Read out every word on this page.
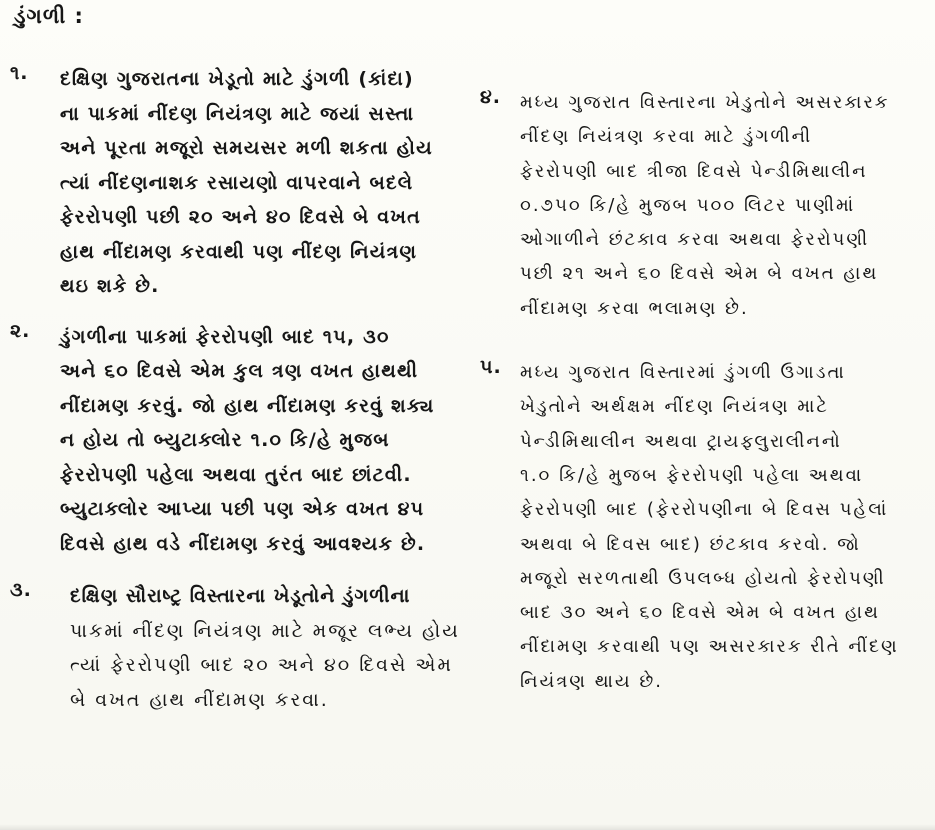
ડુંગળી :
૧. દક્ષિણ ગુજરાતના ખેડૂતો માટે ડુંગળી (કાંદા)
ના પાકમાં નીંદણ નિયંત્રણ માટે જયાં સસ્તા
અને પૂરતા મજૂરો સમયસર મળી શકતા હોય
ત્યાં નીંદણનાશક રસાયણો વાપરવાને બદલે
ફેરરોપણી પછી ૨૦ અને ૪૦ દિવસે બે વખત
હાથ નીંદામણ કરવાથી પણ નીંદણ નિયંત્રણ
થઇ શકે છે.
૨. ડુંગળીના પાકમાં ફેરરોપણી બાદ ૧૫, ૩૦
અને ૬૦ દિવસે એમ કુલ ત્રણ વખત હાથથી
નીંદામણ કરવું. જો હાથ નીંદામણ કરવું શક્ય
ન હોય તો બ્યુટાક્લોર ૧.૦ કિ/હે મુજબ
ફેરરોપણી પહેલા અથવા તુરંત બાદ છાંટવી.
બ્યુટાક્લોર આપ્યા પછી પણ એક વખત ૪૫
દિવસે હાથ વડે નીંદામણ કરવું આવશ્યક છે.
૩. દક્ષિણ સૌરાષ્ટ્ર વિસ્તારના ખેડૂતોને ડુંગળીના
પાકમાં નીંદણ નિયંત્રણ માટે મજૂર લભ્ય હોય
ત્યાં ફેરરોપણી બાદ ૨૦ અને ૪૦ દિવસે એમ
બે વખત હાથ નીંદામણ કરવા.
૪. મધ્ય ગુજરાત વિસ્તારના ખેડુતોને અસરકારક
નીંદણ નિયંત્રણ કરવા માટે ડુંગળીની
ફેરરોપણી બાદ ત્રીજા દિવસે પેન્ડીમિથાલીન
૦.૭૫૦ કિ/હે મુજબ ૫૦૦ લિટર પાણીમાં
ઓગાળીને છંટકાવ કરવા અથવા ફેરરોપણી
પછી ૨૧ અને ૬૦ દિવસે એમ બે વખત હાથ
નીંદામણ કરવા ભલામણ છે.
૫. મધ્ય ગુજરાત વિસ્તારમાં ડુંગળી ઉગાડતા
ખેડુતોને અર્થક્ષમ નીંદણ નિયંત્રણ માટે
પેન્ડીમિથાલીન અથવા ટ્રાયફ્લુરાલીનનો
૧.૦ કિ/હે મુજબ ફેરરોપણી પહેલા અથવા
ફેરરોપણી બાદ (ફેરરોપણીના બે દિવસ પહેલાં
અથવા બે દિવસ બાદ) છંટકાવ કરવો. જો
મજૂરો સરળતાથી ઉપલબ્ધ હોયતો ફેરરોપણી
બાદ ૩૦ અને ૬૦ દિવસે એમ બે વખત હાથ
નીંદામણ કરવાથી પણ અસરકારક રીતે નીંદણ
નિયંત્રણ થાય છે.
